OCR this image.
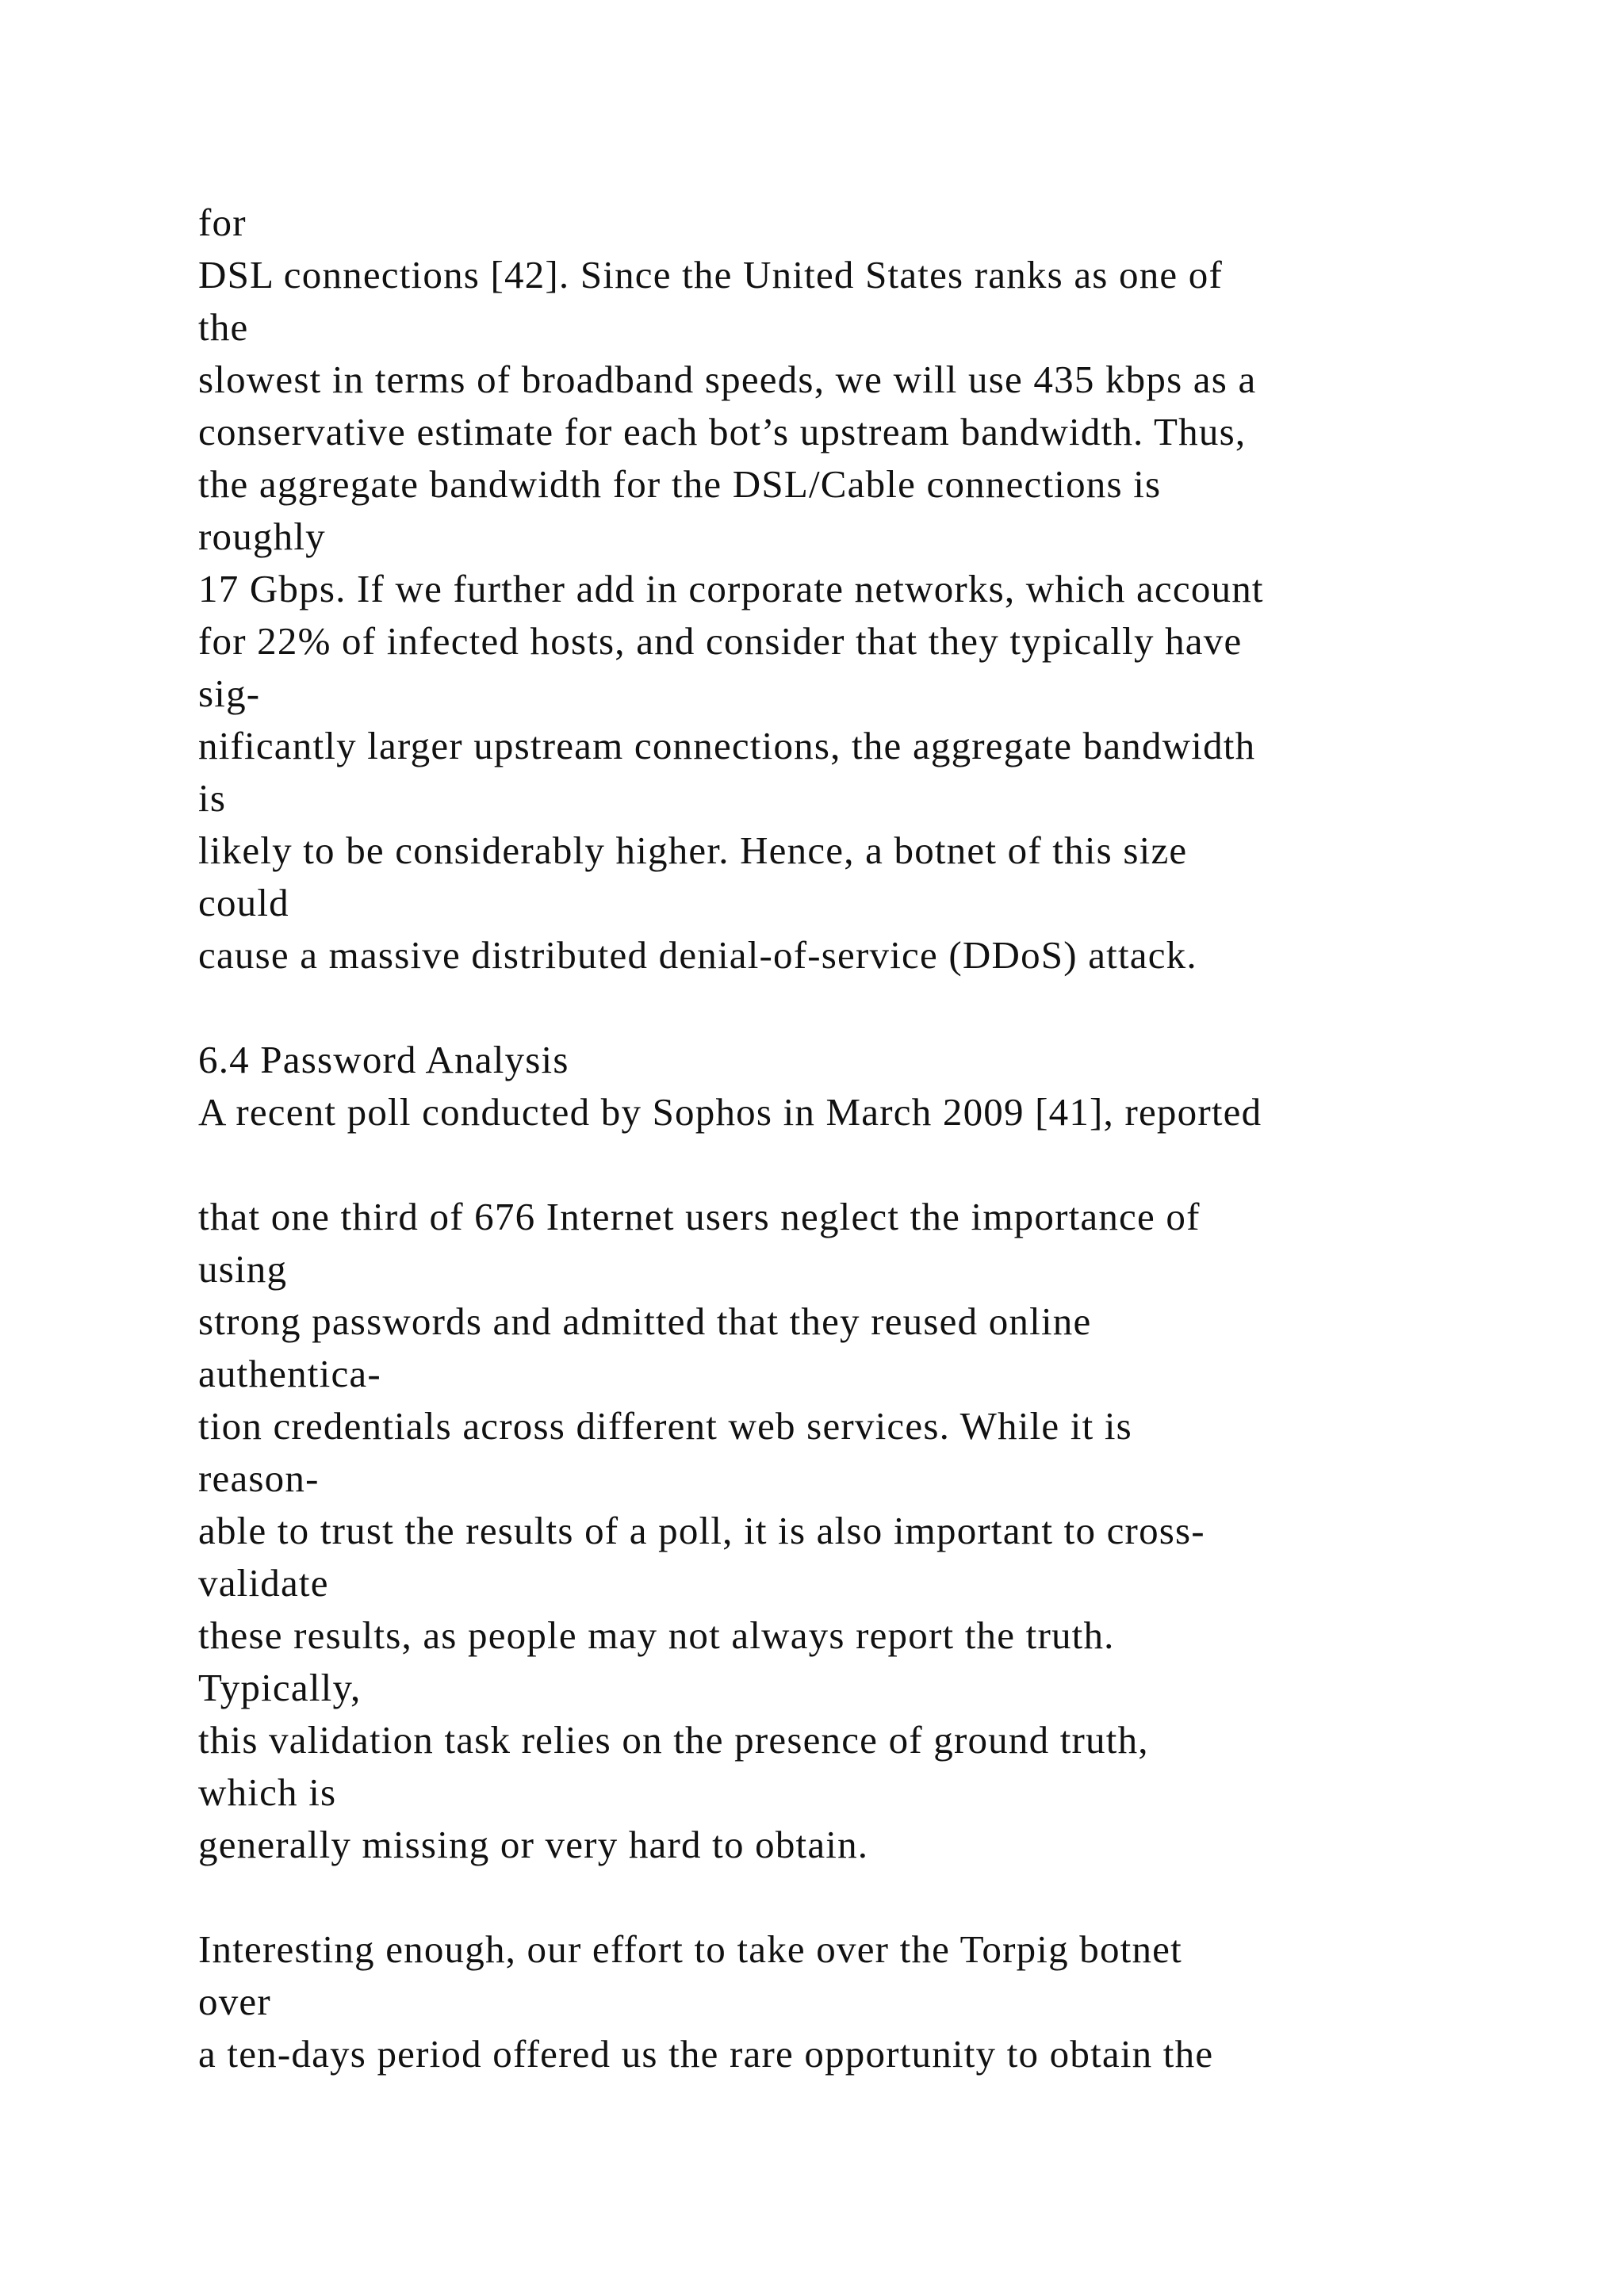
for
DSL connections [42]. Since the United States ranks as one of
the
slowest in terms of broadband speeds, we will use 435 kbps as a
conservative estimate for each bot’s upstream bandwidth. Thus,
the aggregate bandwidth for the DSL/Cable connections is
roughly
17 Gbps. If we further add in corporate networks, which account
for 22% of infected hosts, and consider that they typically have
sig-
nificantly larger upstream connections, the aggregate bandwidth
is
likely to be considerably higher. Hence, a botnet of this size
could
cause a massive distributed denial-of-service (DDoS) attack.
6.4 Password Analysis
A recent poll conducted by Sophos in March 2009 [41], reported
that one third of 676 Internet users neglect the importance of
using
strong passwords and admitted that they reused online
authentica-
tion credentials across different web services. While it is
reason-
able to trust the results of a poll, it is also important to cross-
validate
these results, as people may not always report the truth.
Typically,
this validation task relies on the presence of ground truth,
which is
generally missing or very hard to obtain.
Interesting enough, our effort to take over the Torpig botnet
over
a ten-days period offered us the rare opportunity to obtain the
